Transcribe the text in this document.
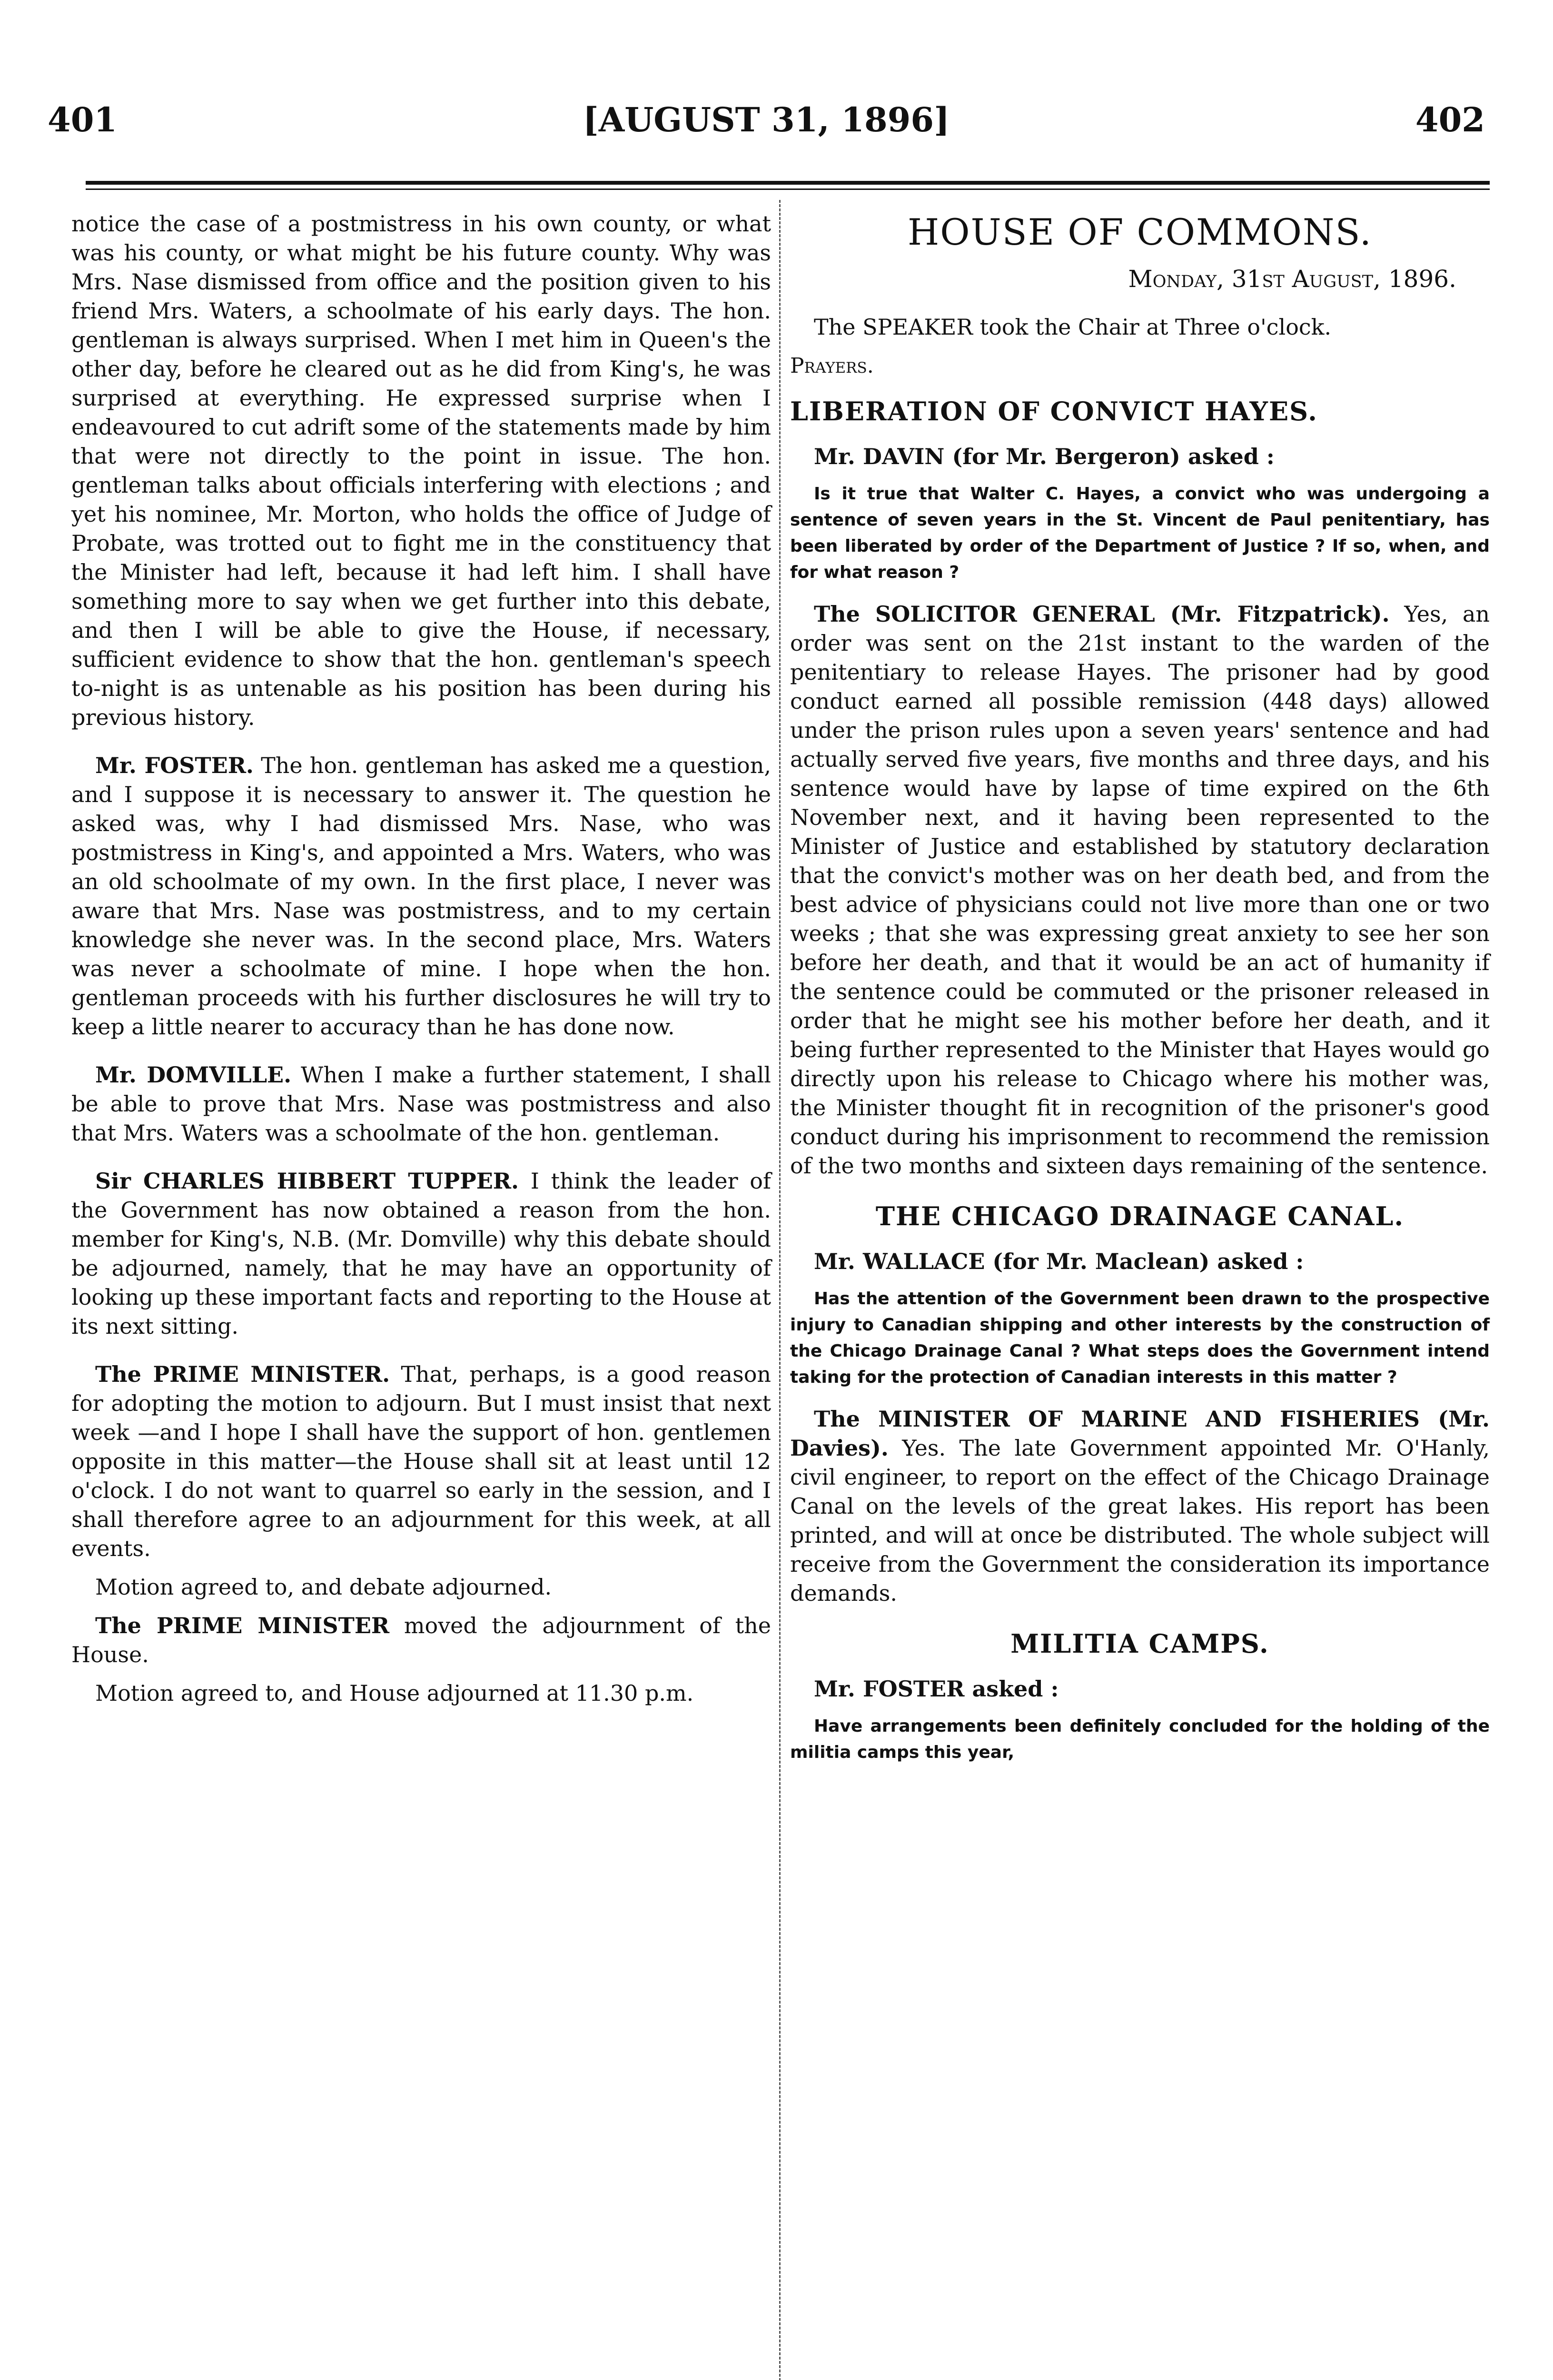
401	[AUGUST 31, 1896]	402

notice the case of a postmistress in his own county, or what was his county, or what might be his future county. Why was Mrs. Nase dismissed from office and the position given to his friend Mrs. Waters, a schoolmate of his early days. The hon. gentleman is always surprised. When I met him in Queen's the other day, before he cleared out as he did from King's, he was surprised at everything. He expressed surprise when I endeavoured to cut adrift some of the statements made by him that were not directly to the point in issue. The hon. gentleman talks about officials interfering with elections ; and yet his nominee, Mr. Morton, who holds the office of Judge of Probate, was trotted out to fight me in the constituency that the Minister had left, because it had left him. I shall have something more to say when we get further into this debate, and then I will be able to give the House, if necessary, sufficient evidence to show that the hon. gentleman's speech to-night is as untenable as his position has been during his previous history.

Mr. FOSTER. The hon. gentleman has asked me a question, and I suppose it is necessary to answer it. The question he asked was, why I had dismissed Mrs. Nase, who was postmistress in King's, and appointed a Mrs. Waters, who was an old schoolmate of my own. In the first place, I never was aware that Mrs. Nase was postmistress, and to my certain knowledge she never was. In the second place, Mrs. Waters was never a schoolmate of mine. I hope when the hon. gentleman proceeds with his further disclosures he will try to keep a little nearer to accuracy than he has done now.

Mr. DOMVILLE. When I make a further statement, I shall be able to prove that Mrs. Nase was postmistress and also that Mrs. Waters was a schoolmate of the hon. gentleman.

Sir CHARLES HIBBERT TUPPER. I think the leader of the Government has now obtained a reason from the hon. member for King's, N.B. (Mr. Domville) why this debate should be adjourned, namely, that he may have an opportunity of looking up these important facts and reporting to the House at its next sitting.

The PRIME MINISTER. That, perhaps, is a good reason for adopting the motion to adjourn. But I must insist that next week —and I hope I shall have the support of hon. gentlemen opposite in this matter—the House shall sit at least until 12 o'clock. I do not want to quarrel so early in the session, and I shall therefore agree to an adjournment for this week, at all events.

Motion agreed to, and debate adjourned.

The PRIME MINISTER moved the adjournment of the House.

Motion agreed to, and House adjourned at 11.30 p.m.

HOUSE OF COMMONS.
Monday, 31st August, 1896.

The SPEAKER took the Chair at Three o'clock.

Prayers.
LIBERATION OF CONVICT HAYES.

Mr. DAVIN (for Mr. Bergeron) asked :

Is it true that Walter C. Hayes, a convict who was undergoing a sentence of seven years in the St. Vincent de Paul penitentiary, has been liberated by order of the Department of Justice ? If so, when, and for what reason ?

The SOLICITOR GENERAL (Mr. Fitzpatrick). Yes, an order was sent on the 21st instant to the warden of the penitentiary to release Hayes. The prisoner had by good conduct earned all possible remission (448 days) allowed under the prison rules upon a seven years' sentence and had actually served five years, five months and three days, and his sentence would have by lapse of time expired on the 6th November next, and it having been represented to the Minister of Justice and established by statutory declaration that the convict's mother was on her death bed, and from the best advice of physicians could not live more than one or two weeks ; that she was expressing great anxiety to see her son before her death, and that it would be an act of humanity if the sentence could be commuted or the prisoner released in order that he might see his mother before her death, and it being further represented to the Minister that Hayes would go directly upon his release to Chicago where his mother was, the Minister thought fit in recognition of the prisoner's good conduct during his imprisonment to recommend the remission of the two months and sixteen days remaining of the sentence.

THE CHICAGO DRAINAGE CANAL.

Mr. WALLACE (for Mr. Maclean) asked :

Has the attention of the Government been drawn to the prospective injury to Canadian shipping and other interests by the construction of the Chicago Drainage Canal ? What steps does the Government intend taking for the protection of Canadian interests in this matter ?

The MINISTER OF MARINE AND FISHERIES (Mr. Davies). Yes. The late Government appointed Mr. O'Hanly, civil engineer, to report on the effect of the Chicago Drainage Canal on the levels of the great lakes. His report has been printed, and will at once be distributed. The whole subject will receive from the Government the consideration its importance demands.

MILITIA CAMPS.

Mr. FOSTER asked :

Have arrangements been definitely concluded for the holding of the militia camps this year,
